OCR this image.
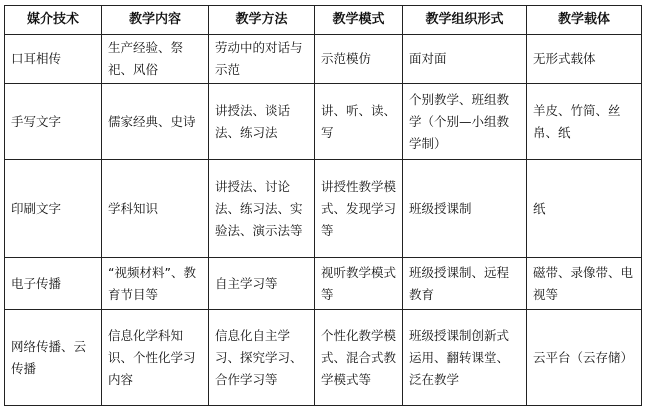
媒介技术	教学内容	教学方法	教学模式	教学组织形式	教学载体
口耳相传	生产经验、祭祀、风俗	劳动中的对话与示范	示范模仿	面对面	无形式载体
手写文字	儒家经典、史诗	讲授法、谈话法、练习法	讲、听、读、写	个别教学、班组教学（个别—小组教学制）	羊皮、竹简、丝帛、纸
印刷文字	学科知识	讲授法、讨论法、练习法、实验法、演示法等	讲授性教学模式、发现学习等	班级授课制	纸
电子传播	“视频材料”、教育节目等	自主学习等	视听教学模式等	班级授课制、远程教育	磁带、录像带、电视等
网络传播、云传播	信息化学科知识、个性化学习内容	信息化自主学习、探究学习、合作学习等	个性化教学模式、混合式教学模式等	班级授课制创新式运用、翻转课堂、泛在教学	云平台（云存储）
